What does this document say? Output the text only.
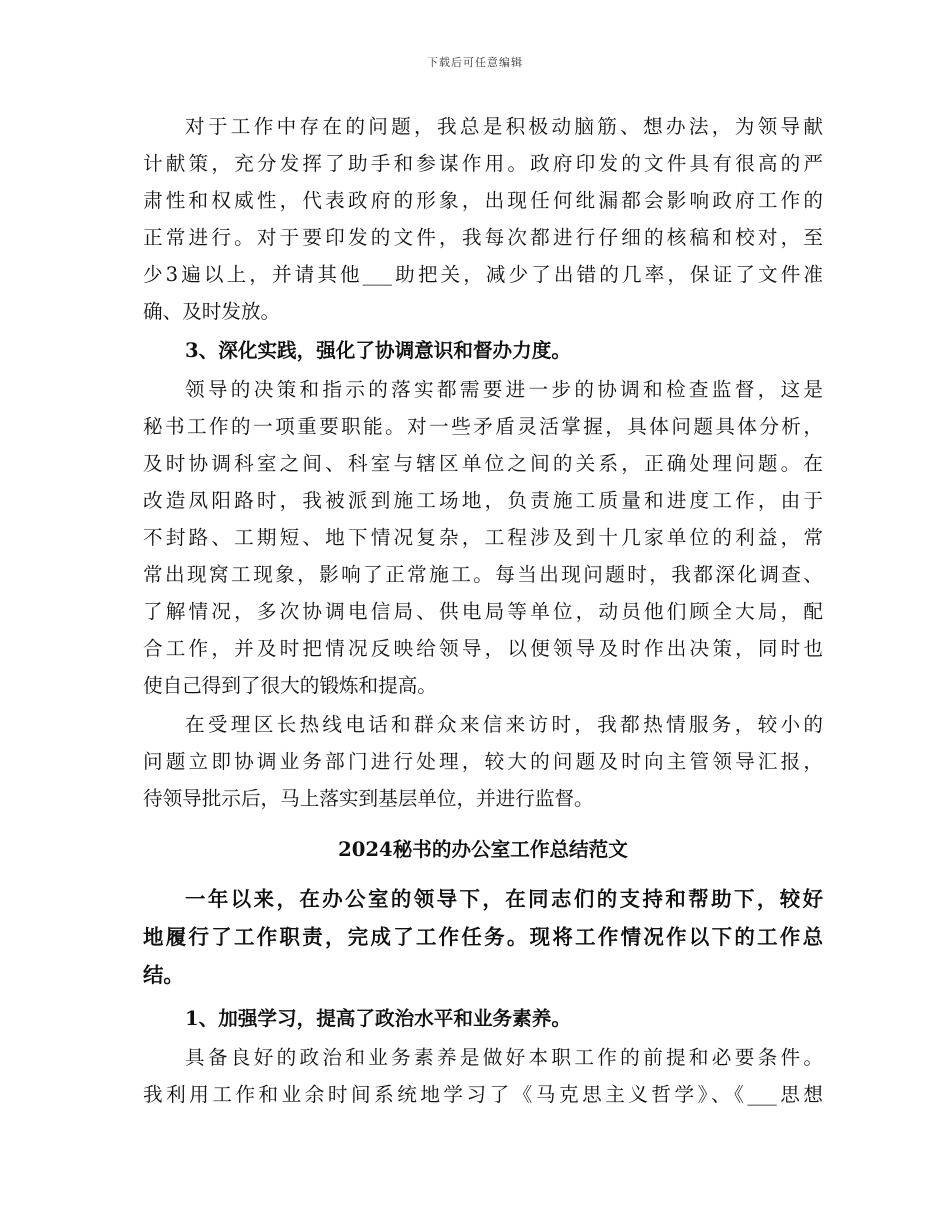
下载后可任意编辑
对于工作中存在的问题，我总是积极动脑筋、想办法，为领导献
计献策，充分发挥了助手和参谋作用。政府印发的文件具有很高的严
肃性和权威性，代表政府的形象，出现任何纰漏都会影响政府工作的
正常进行。对于要印发的文件，我每次都进行仔细的核稿和校对，至
少3遍以上，并请其他___助把关，减少了出错的几率，保证了文件准
确、及时发放。
3、深化实践，强化了协调意识和督办力度。
领导的决策和指示的落实都需要进一步的协调和检查监督，这是
秘书工作的一项重要职能。对一些矛盾灵活掌握，具体问题具体分析，
及时协调科室之间、科室与辖区单位之间的关系，正确处理问题。在
改造凤阳路时，我被派到施工场地，负责施工质量和进度工作，由于
不封路、工期短、地下情况复杂，工程涉及到十几家单位的利益，常
常出现窝工现象，影响了正常施工。每当出现问题时，我都深化调查、
了解情况，多次协调电信局、供电局等单位，动员他们顾全大局，配
合工作，并及时把情况反映给领导，以便领导及时作出决策，同时也
使自己得到了很大的锻炼和提高。
在受理区长热线电话和群众来信来访时，我都热情服务，较小的
问题立即协调业务部门进行处理，较大的问题及时向主管领导汇报，
待领导批示后，马上落实到基层单位，并进行监督。
2024秘书的办公室工作总结范文
一年以来，在办公室的领导下，在同志们的支持和帮助下，较好
地履行了工作职责，完成了工作任务。现将工作情况作以下的工作总
结。
1、加强学习，提高了政治水平和业务素养。
具备良好的政治和业务素养是做好本职工作的前提和必要条件。
我利用工作和业余时间系统地学习了《马克思主义哲学》、《___思想
